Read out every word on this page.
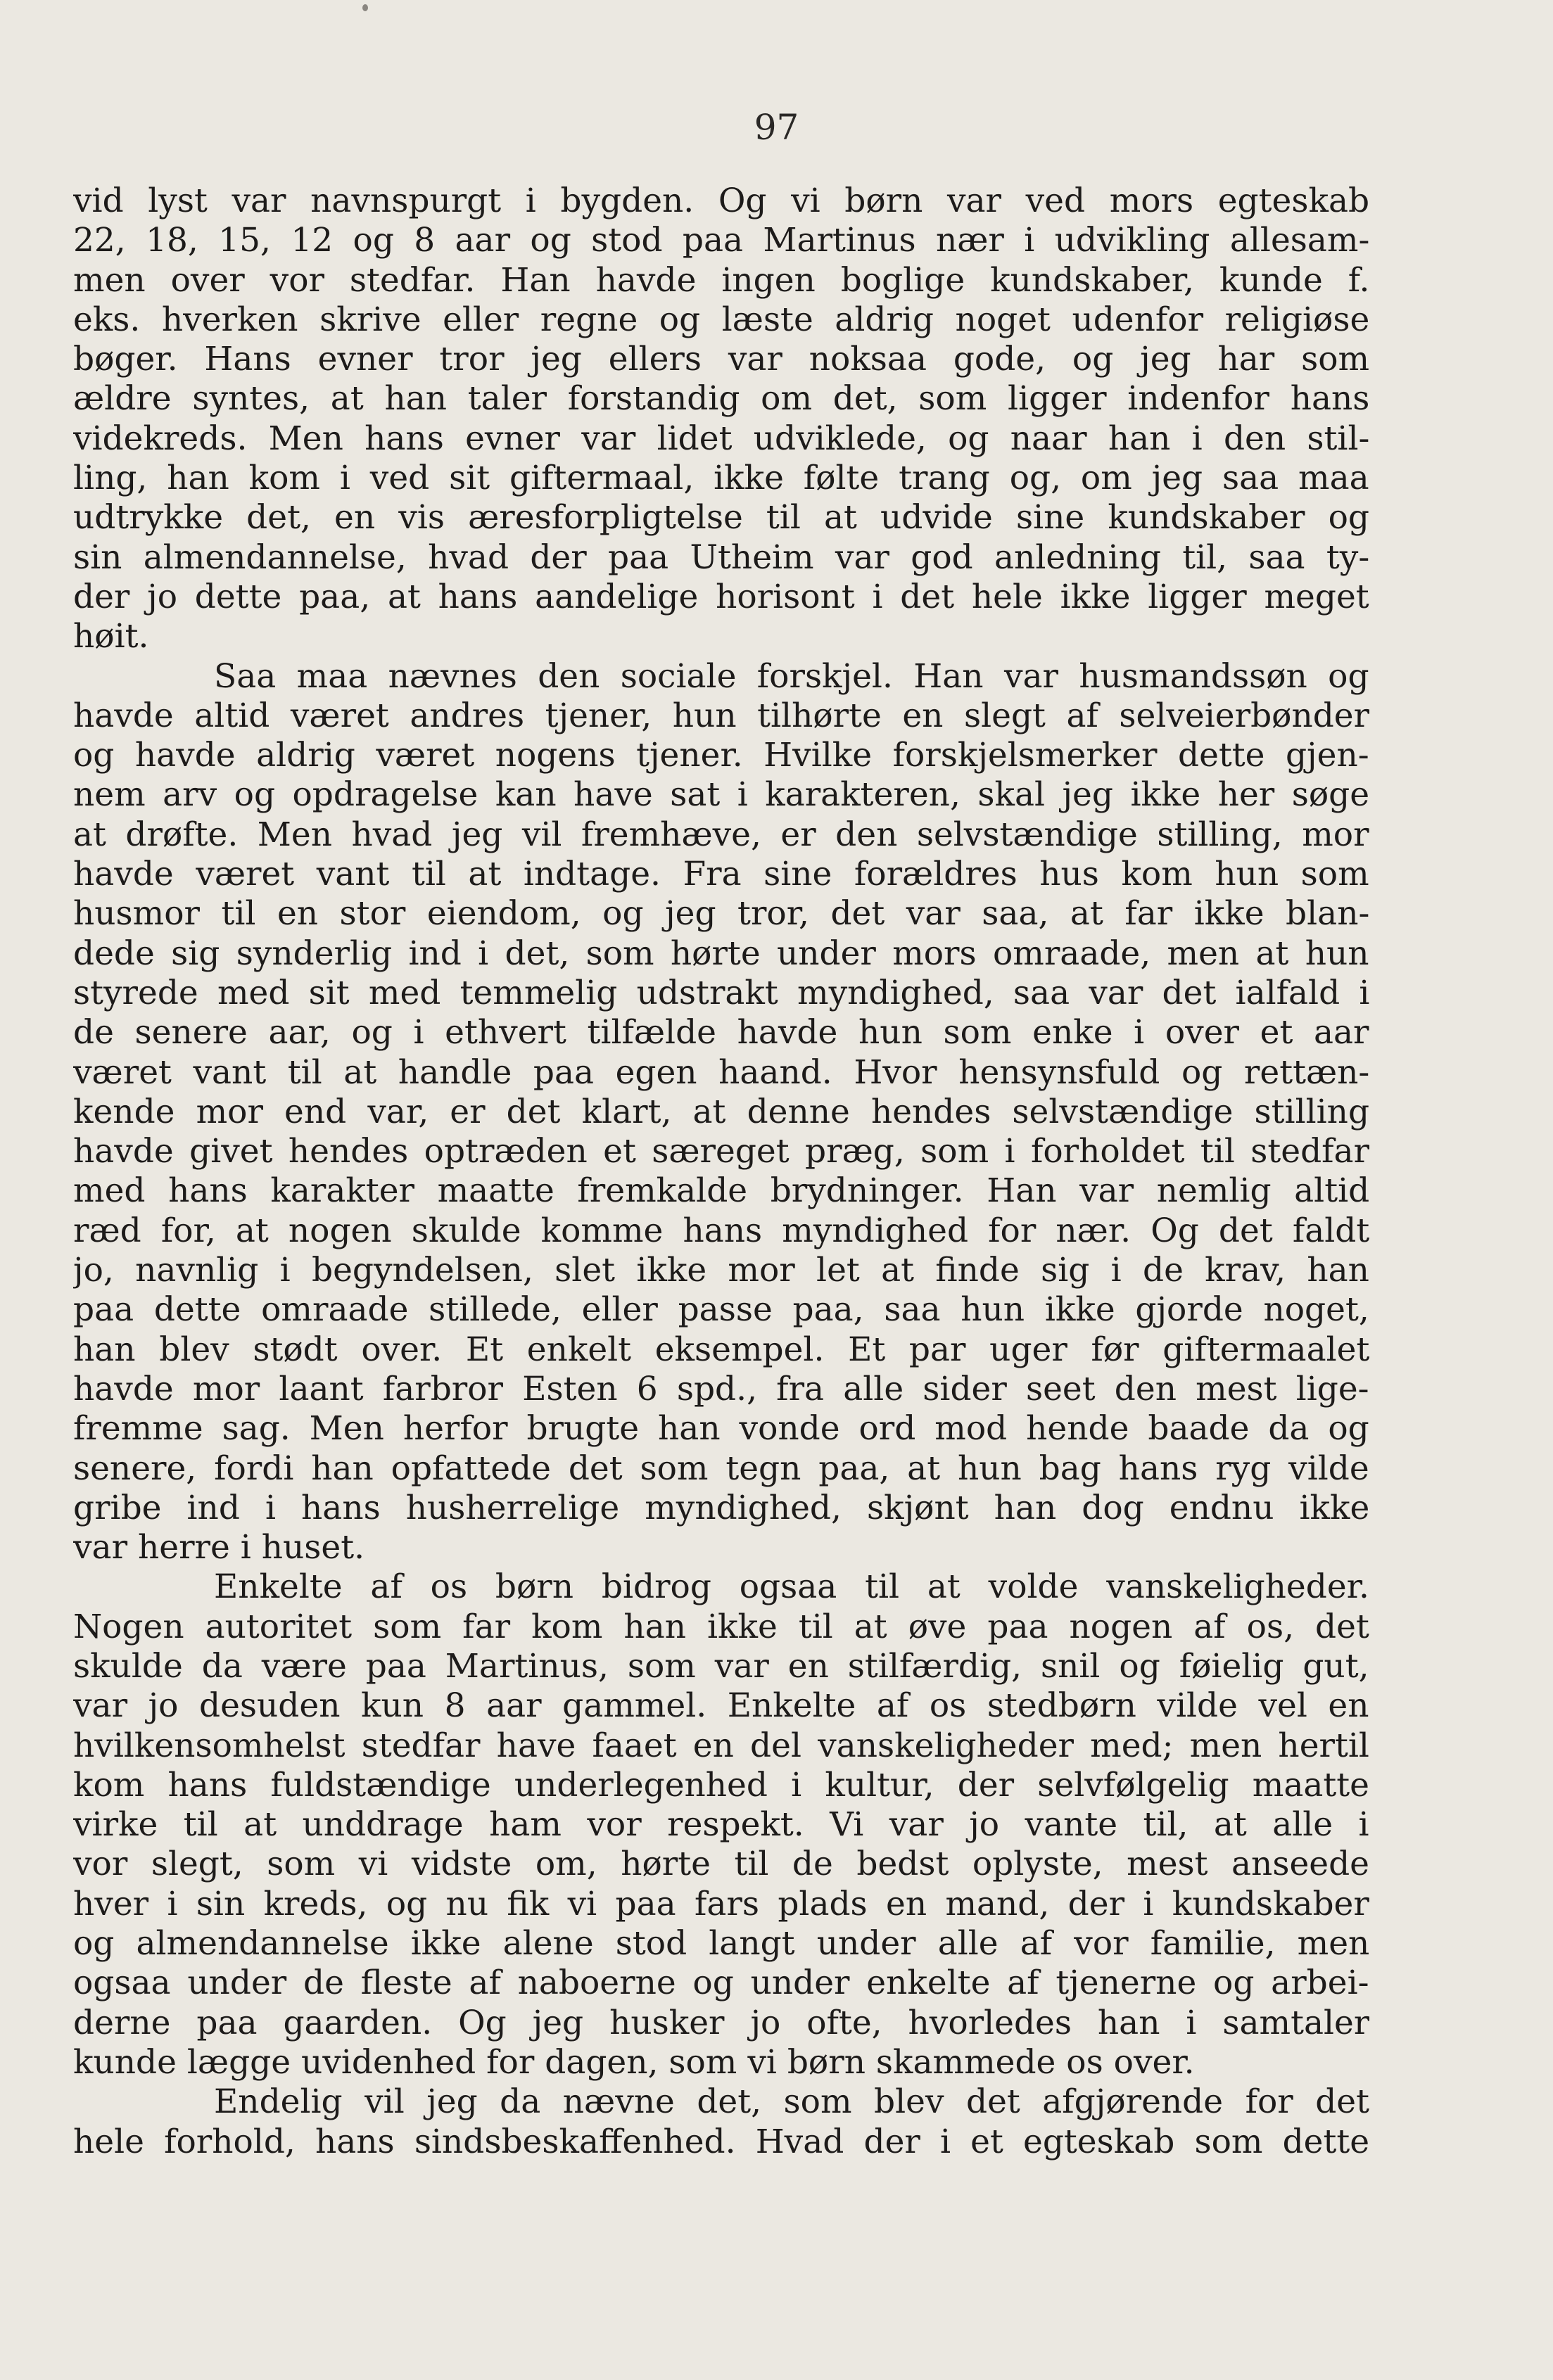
97
vid lyst var navnspurgt i bygden. Og vi børn var ved mors egteskab
22, 18, 15, 12 og 8 aar og stod paa Martinus nær i udvikling allesam-
men over vor stedfar. Han havde ingen boglige kundskaber, kunde f.
eks. hverken skrive eller regne og læste aldrig noget udenfor religiøse
bøger. Hans evner tror jeg ellers var noksaa gode, og jeg har som
ældre syntes, at han taler forstandig om det, som ligger indenfor hans
videkreds. Men hans evner var lidet udviklede, og naar han i den stil-
ling, han kom i ved sit giftermaal, ikke følte trang og, om jeg saa maa
udtrykke det, en vis æresforpligtelse til at udvide sine kundskaber og
sin almendannelse, hvad der paa Utheim var god anledning til, saa ty-
der jo dette paa, at hans aandelige horisont i det hele ikke ligger meget
høit.
Saa maa nævnes den sociale forskjel. Han var husmandssøn og
havde altid været andres tjener, hun tilhørte en slegt af selveierbønder
og havde aldrig været nogens tjener. Hvilke forskjelsmerker dette gjen-
nem arv og opdragelse kan have sat i karakteren, skal jeg ikke her søge
at drøfte. Men hvad jeg vil fremhæve, er den selvstændige stilling, mor
havde været vant til at indtage. Fra sine forældres hus kom hun som
husmor til en stor eiendom, og jeg tror, det var saa, at far ikke blan-
dede sig synderlig ind i det, som hørte under mors omraade, men at hun
styrede med sit med temmelig udstrakt myndighed, saa var det ialfald i
de senere aar, og i ethvert tilfælde havde hun som enke i over et aar
været vant til at handle paa egen haand. Hvor hensynsfuld og rettæn-
kende mor end var, er det klart, at denne hendes selvstændige stilling
havde givet hendes optræden et særeget præg, som i forholdet til stedfar
med hans karakter maatte fremkalde brydninger. Han var nemlig altid
ræd for, at nogen skulde komme hans myndighed for nær. Og det faldt
jo, navnlig i begyndelsen, slet ikke mor let at finde sig i de krav, han
paa dette omraade stillede, eller passe paa, saa hun ikke gjorde noget,
han blev stødt over. Et enkelt eksempel. Et par uger før giftermaalet
havde mor laant farbror Esten 6 spd., fra alle sider seet den mest lige-
fremme sag. Men herfor brugte han vonde ord mod hende baade da og
senere, fordi han opfattede det som tegn paa, at hun bag hans ryg vilde
gribe ind i hans husherrelige myndighed, skjønt han dog endnu ikke
var herre i huset.
Enkelte af os børn bidrog ogsaa til at volde vanskeligheder.
Nogen autoritet som far kom han ikke til at øve paa nogen af os, det
skulde da være paa Martinus, som var en stilfærdig, snil og føielig gut,
var jo desuden kun 8 aar gammel. Enkelte af os stedbørn vilde vel en
hvilkensomhelst stedfar have faaet en del vanskeligheder med; men hertil
kom hans fuldstændige underlegenhed i kultur, der selvfølgelig maatte
virke til at unddrage ham vor respekt. Vi var jo vante til, at alle i
vor slegt, som vi vidste om, hørte til de bedst oplyste, mest anseede
hver i sin kreds, og nu fik vi paa fars plads en mand, der i kundskaber
og almendannelse ikke alene stod langt under alle af vor familie, men
ogsaa under de fleste af naboerne og under enkelte af tjenerne og arbei-
derne paa gaarden. Og jeg husker jo ofte, hvorledes han i samtaler
kunde lægge uvidenhed for dagen, som vi børn skammede os over.
Endelig vil jeg da nævne det, som blev det afgjørende for det
hele forhold, hans sindsbeskaffenhed. Hvad der i et egteskab som dette
